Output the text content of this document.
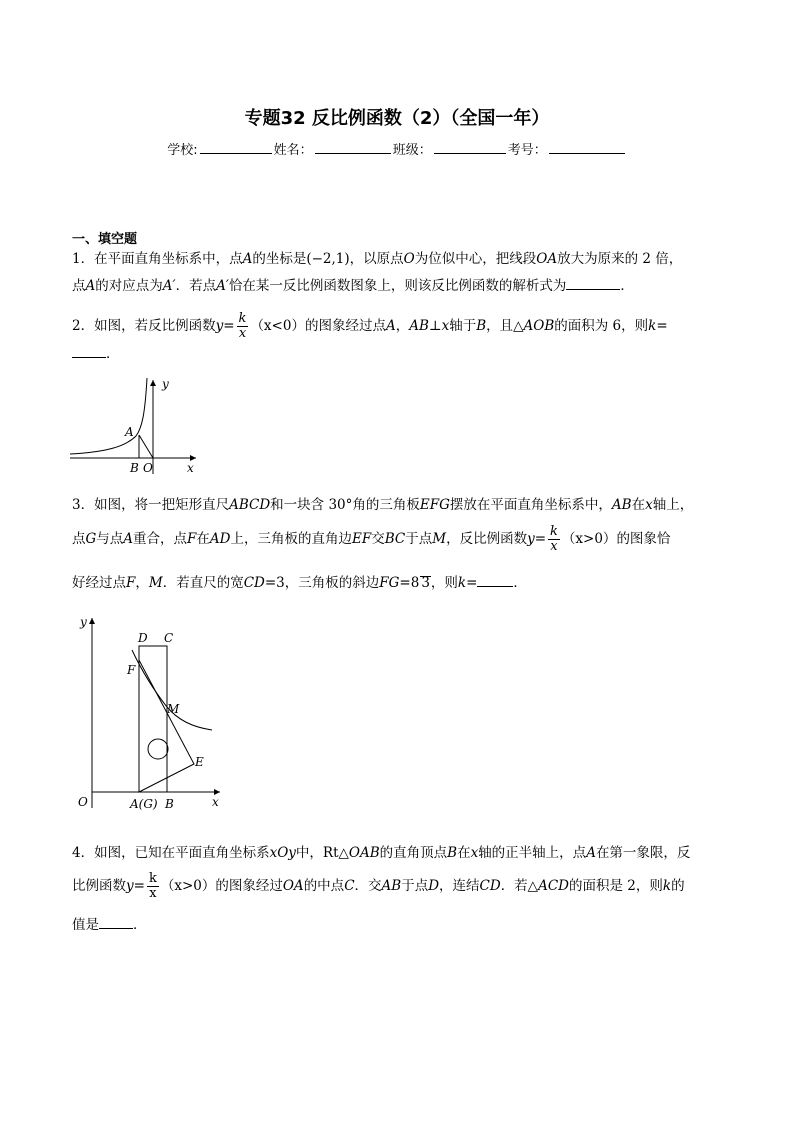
专题32 反比例函数（2）（全国一年）
学校:	姓名：	班级：	考号：
一、填空题
1．在平面直角坐标系中，点A的坐标是(−2,1)，以原点O为位似中心，把线段OA放大为原来的 2 倍，
点A的对应点为A′．若点A′恰在某一反比例函数图象上，则该反比例函数的解析式为	．
2．如图，若反比例函数$y= \frac{k}{x} (x<0)$的图象经过点A，AB⊥x轴于B，且△AOB的面积为 6，则k=
．
y
x
A
B O
3．如图，将一把矩形直尺ABCD和一块含 30°角的三角板EFG摆放在平面直角坐标系中，AB在x轴上，
点G与点A重合，点F在AD上，三角板的直角边EF交BC于点M，反比例函数$y= \frac{k}{x} (x>0)$的图象恰
好经过点F，M．若直尺的宽CD=3，三角板的斜边FG=8 3，则k=	．
y
x
O
D C
F
M
E
A(G) B
4．如图，已知在平面直角坐标系xOy中，Rt△OAB的直角顶点B在x轴的正半轴上，点A在第一象限，反
比例函数$y= \frac{k}{x} (x>0)$的图象经过OA的中点C．交AB于点D，连结CD．若△ACD的面积是 2，则k的
值是	．
